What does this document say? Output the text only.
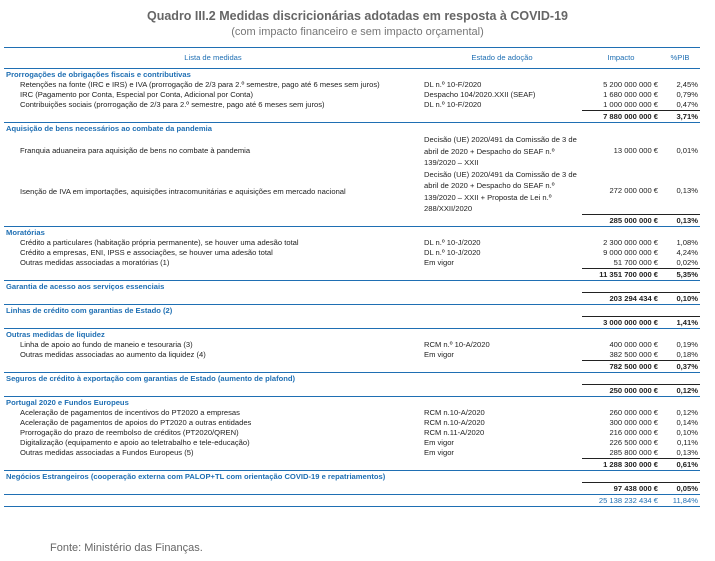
Quadro III.2 Medidas discricionárias adotadas em resposta à COVID-19
(com impacto financeiro e sem impacto orçamental)
Lista de medidas	Estado de adoção	Impacto	%PIB
Prorrogações de obrigações fiscais e contributivas			
Retenções na fonte (IRC e IRS) e IVA (prorrogação de 2/3 para 2.º semestre, pago até 6 meses sem juros)	DL n.º 10-F/2020	5 200 000 000 €	2,45%
IRC (Pagamento por Conta, Especial por Conta, Adicional por Conta)	Despacho 104/2020.XXII (SEAF)	1 680 000 000 €	0,79%
Contribuições sociais (prorrogação de 2/3 para 2.º semestre, pago até 6 meses sem juros)	DL n.º 10-F/2020	1 000 000 000 €	0,47%
		7 880 000 000 €	3,71%
Aquisição de bens necessários ao combate da pandemia			
Franquia aduaneira para aquisição de bens no combate à pandemia	Decisão (UE) 2020/491 da Comissão de 3 de abril de 2020 + Despacho do SEAF n.º 139/2020 – XXII	13 000 000 €	0,01%
Isenção de IVA em importações, aquisições intracomunitárias e aquisições em mercado nacional	Decisão (UE) 2020/491 da Comissão de 3 de abril de 2020 + Despacho do SEAF n.º 139/2020 – XXII + Proposta de Lei n.º 288/XXII/2020	272 000 000 €	0,13%
		285 000 000 €	0,13%
Moratórias			
Crédito a particulares (habitação própria permanente), se houver uma adesão total	DL n.º 10-J/2020	2 300 000 000 €	1,08%
Crédito a empresas, ENI, IPSS e associações, se houver uma adesão total	DL n.º 10-J/2020	9 000 000 000 €	4,24%
Outras medidas associadas a moratórias (1)	Em vigor	51 700 000 €	0,02%
		11 351 700 000 €	5,35%
Garantia de acesso aos serviços essenciais			
		203 294 434 €	0,10%
Linhas de crédito com garantias de Estado (2)			
		3 000 000 000 €	1,41%
Outras medidas de liquidez			
Linha de apoio ao fundo de maneio e tesouraria (3)	RCM n.º 10-A/2020	400 000 000 €	0,19%
Outras medidas associadas ao aumento da liquidez (4)	Em vigor	382 500 000 €	0,18%
		782 500 000 €	0,37%
Seguros de crédito à exportação com garantias de Estado (aumento de plafond)			
		250 000 000 €	0,12%
Portugal 2020 e Fundos Europeus			
Aceleração de pagamentos de incentivos do PT2020 a empresas	RCM n.10-A/2020	260 000 000 €	0,12%
Aceleração de pagamentos de apoios do PT2020 a outras entidades	RCM n.10-A/2020	300 000 000 €	0,14%
Prorrogação do prazo de reembolso de créditos (PT2020/QREN)	RCM n.11-A/2020	216 000 000 €	0,10%
Digitalização (equipamento e apoio ao teletrabalho e tele-educação)	Em vigor	226 500 000 €	0,11%
Outras medidas associadas a Fundos Europeus (5)	Em vigor	285 800 000 €	0,13%
		1 288 300 000 €	0,61%
Negócios Estrangeiros (cooperação externa com PALOP+TL com orientação COVID-19 e repatriamentos)			
		97 438 000 €	0,05%
		25 138 232 434 €	11,84%
Fonte: Ministério das Finanças.
